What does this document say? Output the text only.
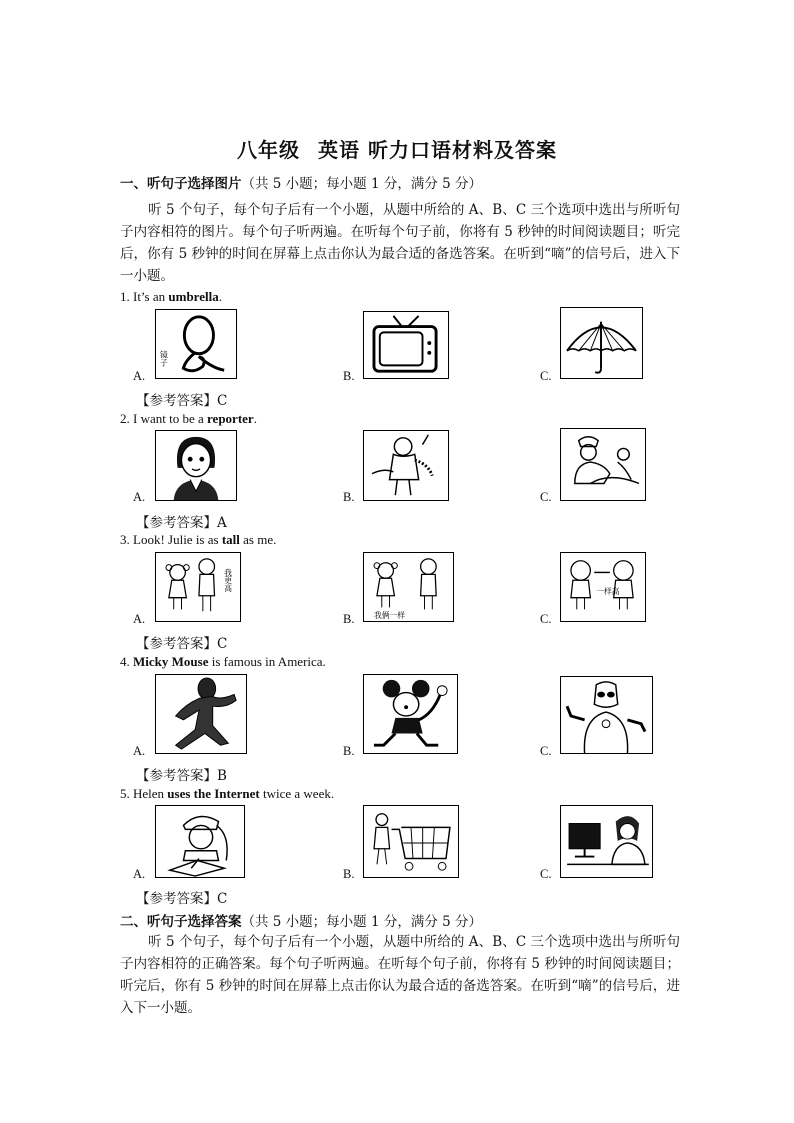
八年级 英语 听力口语材料及答案
一、听句子选择图片（共 5 小题；每小题 1 分，满分 5 分）
听 5 个句子，每个句子后有一个小题，从题中所给的 A、B、C 三个选项中选出与所听句子内容相符的图片。每个句子听两遍。在听每个句子前，你将有 5 秒钟的时间阅读题目；听完后，你有 5 秒钟的时间在屏幕上点击你认为最合适的备选答案。在听到“嘀”的信号后，进入下一小题。
1. It’s an umbrella.
A.
镜子
B.	C.
【参考答案】C
2. I want to be a reporter.
A.	B.	C.
【参考答案】A
3. Look! Julie is as tall as me.
A.
我更高
B. 我俩一样	C.
一样高
【参考答案】C
4. Micky Mouse is famous in America.
A.	B.	C.
【参考答案】B
5. Helen uses the Internet twice a week.
A.	B.	C.
【参考答案】C
二、听句子选择答案（共 5 小题；每小题 1 分，满分 5 分）
听 5 个句子，每个句子后有一个小题，从题中所给的 A、B、C 三个选项中选出与所听句子内容相符的正确答案。每个句子听两遍。在听每个句子前，你将有 5 秒钟的时间阅读题目；听完后，你有 5 秒钟的时间在屏幕上点击你认为最合适的备选答案。在听到“嘀”的信号后，进入下一小题。
